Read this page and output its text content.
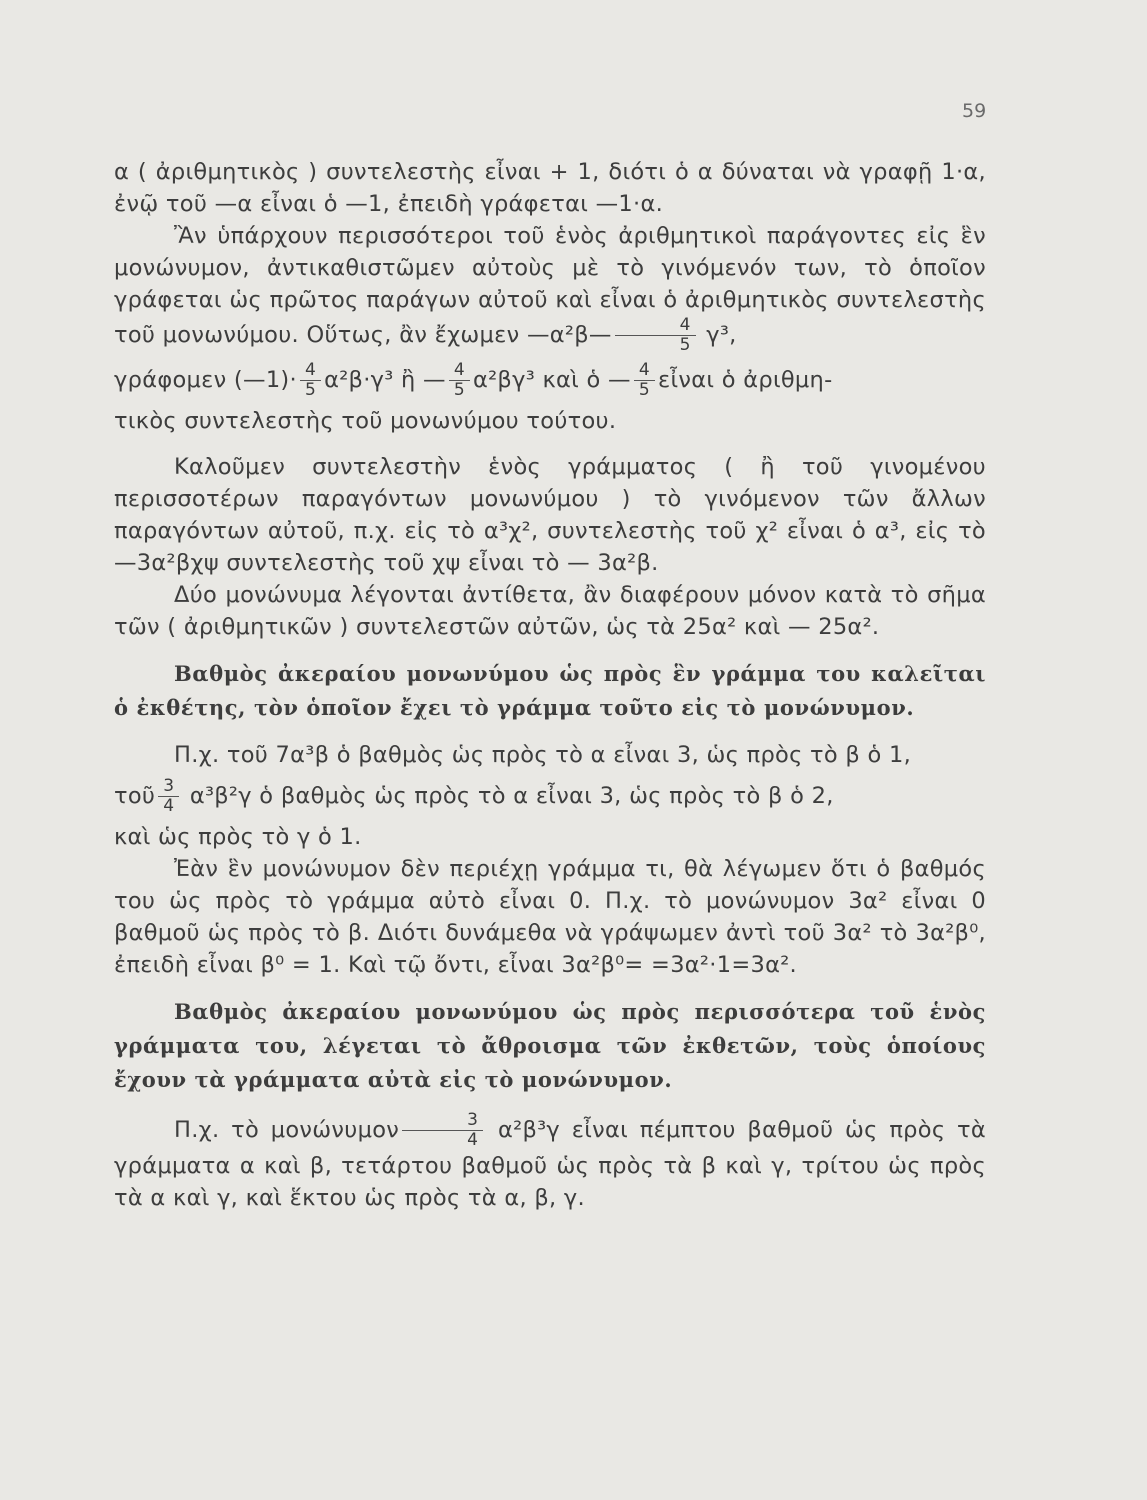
59

α ( ἀριθμητικὸς ) συντελεστὴς εἶναι + 1, διότι ὁ α δύναται νὰ γραφῇ 1·α, ἐνῷ τοῦ —α εἶναι ὁ —1, ἐπειδὴ γράφεται —1·α.

Ἂν ὑπάρχουν περισσότεροι τοῦ ἑνὸς ἀριθμητικοὶ παράγοντες εἰς ἓν μονώνυμον, ἀντικαθιστῶμεν αὐτοὺς μὲ τὸ γινόμενόν των, τὸ ὁποῖον γράφεται ὡς πρῶτος παράγων αὐτοῦ καὶ εἶναι ὁ ἀριθμητικὸς συντελεστὴς τοῦ μονωνύμου. Οὕτως, ἂν ἔχωμεν —α²β— $\frac{4}{5} \gamma^3$,

γράφομεν (—1)· $\frac{4}{5} \alpha^2\beta\cdot\gamma^3$ ἢ — $\frac{4}{5} \alpha^2\beta\gamma^3$ καὶ ὁ — $\frac{4}{5}$ εἶναι ὁ ἀριθμη-

τικὸς συντελεστὴς τοῦ μονωνύμου τούτου.

Καλοῦμεν συντελεστὴν ἑνὸς γράμματος ( ἢ τοῦ γινομένου περισσοτέρων παραγόντων μονωνύμου ) τὸ γινόμενον τῶν ἄλλων παραγόντων αὐτοῦ, π.χ. εἰς τὸ α³χ², συντελεστὴς τοῦ χ² εἶναι ὁ α³, εἰς τὸ —3α²βχψ συντελεστὴς τοῦ χψ εἶναι τὸ — 3α²β.

Δύο μονώνυμα λέγονται ἀντίθετα, ἂν διαφέρουν μόνον κατὰ τὸ σῆμα τῶν ( ἀριθμητικῶν ) συντελεστῶν αὐτῶν, ὡς τὰ 25α² καὶ — 25α².

Βαθμὸς ἀκεραίου μονωνύμου ὡς πρὸς ἓν γράμμα του καλεῖται ὁ ἐκθέτης, τὸν ὁποῖον ἔχει τὸ γράμμα τοῦτο εἰς τὸ μονώνυμον.

Π.χ. τοῦ 7α³β ὁ βαθμὸς ὡς πρὸς τὸ α εἶναι 3, ὡς πρὸς τὸ β ὁ 1,

τοῦ $\frac{3}{4} \alpha^3\beta^2\gamma$ ὁ βαθμὸς ὡς πρὸς τὸ α εἶναι 3, ὡς πρὸς τὸ β ὁ 2,

καὶ ὡς πρὸς τὸ γ ὁ 1.

Ἐὰν ἓν μονώνυμον δὲν περιέχῃ γράμμα τι, θὰ λέγωμεν ὅτι ὁ βαθμός του ὡς πρὸς τὸ γράμμα αὐτὸ εἶναι 0. Π.χ. τὸ μονώνυμον 3α² εἶναι 0 βαθμοῦ ὡς πρὸς τὸ β. Διότι δυνάμεθα νὰ γράψωμεν ἀντὶ τοῦ 3α² τὸ 3α²β⁰, ἐπειδὴ εἶναι β⁰ = 1. Καὶ τῷ ὄντι, εἶναι 3α²β⁰= =3α²·1=3α².

Βαθμὸς ἀκεραίου μονωνύμου ὡς πρὸς περισσότερα τοῦ ἑνὸς γράμματα του, λέγεται τὸ ἄθροισμα τῶν ἐκθετῶν, τοὺς ὁποίους ἔχουν τὰ γράμματα αὐτὰ εἰς τὸ μονώνυμον.

Π.χ. τὸ μονώνυμον $\frac{3}{4} \alpha^2\beta^3\gamma$ εἶναι πέμπτου βαθμοῦ ὡς πρὸς τὰ γράμματα α καὶ β, τετάρτου βαθμοῦ ὡς πρὸς τὰ β καὶ γ, τρίτου ὡς πρὸς τὰ α καὶ γ, καὶ ἕκτου ὡς πρὸς τὰ α, β, γ.
